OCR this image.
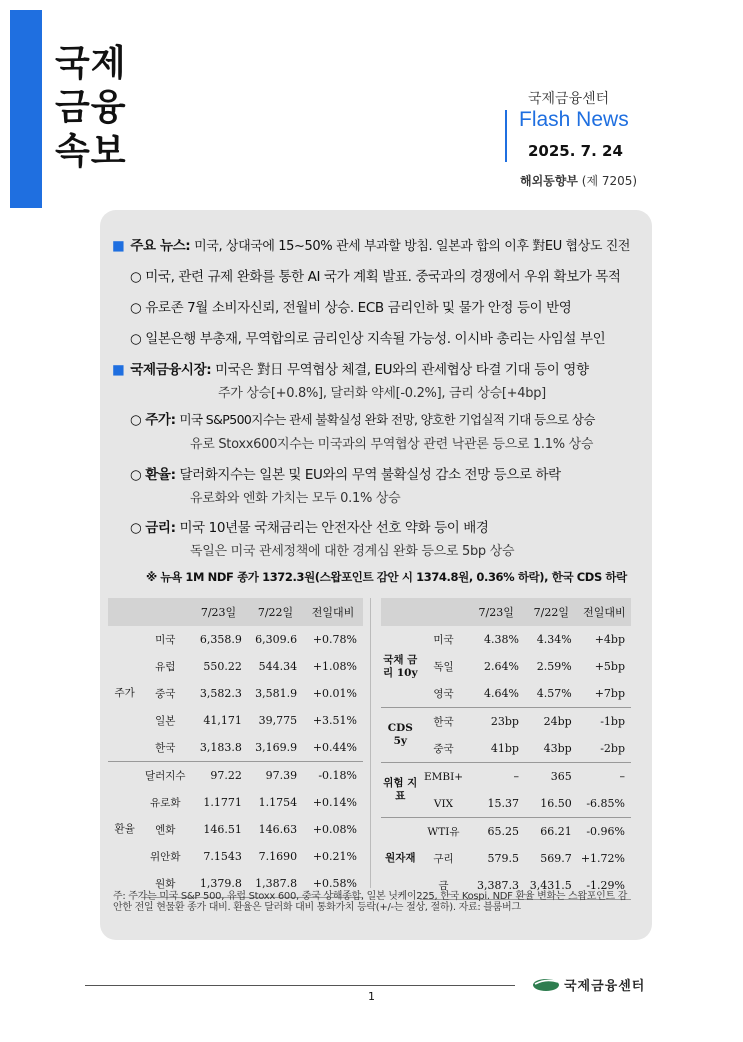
국제
금융
속보
국제금융센터
Flash News
2025. 7. 24
해외동향부 (제 7205)
■ 주요 뉴스: 미국, 상대국에 15~50% 관세 부과할 방침. 일본과 합의 이후 對EU 협상도 진전
○ 미국, 관련 규제 완화를 통한 AI 국가 계획 발표. 중국과의 경쟁에서 우위 확보가 목적
○ 유로존 7월 소비자신뢰, 전월비 상승. ECB 금리인하 및 물가 안정 등이 반영
○ 일본은행 부총재, 무역합의로 금리인상 지속될 가능성. 이시바 총리는 사임설 부인
■ 국제금융시장: 미국은 對日 무역협상 체결, EU와의 관세협상 타결 기대 등이 영향
주가 상승[+0.8%], 달러화 약세[-0.2%], 금리 상승[+4bp]
○ 주가: 미국 S&P500지수는 관세 불확실성 완화 전망, 양호한 기업실적 기대 등으로 상승
유로 Stoxx600지수는 미국과의 무역협상 관련 낙관론 등으로 1.1% 상승
○ 환율: 달러화지수는 일본 및 EU와의 무역 불확실성 감소 전망 등으로 하락
유로화와 엔화 가치는 모두 0.1% 상승
○ 금리: 미국 10년물 국채금리는 안전자산 선호 약화 등이 배경
독일은 미국 관세정책에 대한 경계심 완화 등으로 5bp 상승
※ 뉴욕 1M NDF 종가 1372.3원(스왑포인트 감안 시 1374.8원, 0.36% 하락), 한국 CDS 하락
		7/23일	7/22일	전일대비
주가	미국	6,358.9	6,309.6	+0.78%
	유럽	550.22	544.34	+1.08%
	중국	3,582.3	3,581.9	+0.01%
	일본	41,171	39,775	+3.51%
	한국	3,183.8	3,169.9	+0.44%
환율	달러지수	97.22	97.39	-0.18%
	유로화	1.1771	1.1754	+0.14%
	엔화	146.51	146.63	+0.08%
	위안화	7.1543	7.1690	+0.21%
	원화	1,379.8	1,387.8	+0.58%
		7/23일	7/22일	전일대비
국채 금리 10y	미국	4.38%	4.34%	+4bp
	독일	2.64%	2.59%	+5bp
	영국	4.64%	4.57%	+7bp
CDS 5y	한국	23bp	24bp	-1bp
	중국	41bp	43bp	-2bp
위험 지표	EMBI+	–	365	–
	VIX	15.37	16.50	-6.85%
원자재	WTI유	65.25	66.21	-0.96%
	구리	579.5	569.7	+1.72%
	금	3,387.3	3,431.5	-1.29%
주: 주가는 미국 S&P 500, 유럽 Stoxx 600, 중국 상해종합, 일본 닛케이225, 한국 Kospi. NDF 환율 변화는 스왑포인트 감안한 전일 현물환 종가 대비. 환율은 달러화 대비 통화가치 등락(+/-는 절상, 절하). 자료: 블룸버그
1
국제금융센터
